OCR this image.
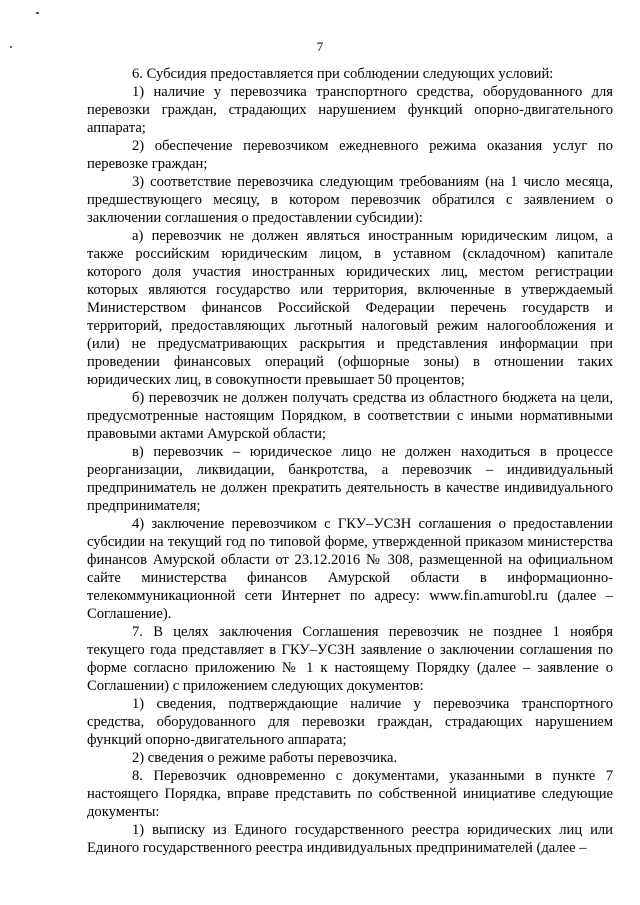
7

6. Субсидия предоставляется при соблюдении следующих условий:

1) наличие у перевозчика транспортного средства, оборудованного для перевозки граждан, страдающих нарушением функций опорно-двигательного аппарата;

2) обеспечение перевозчиком ежедневного режима оказания услуг по перевозке граждан;

3) соответствие перевозчика следующим требованиям (на 1 число месяца, предшествующего месяцу, в котором перевозчик обратился с заявлением о заключении соглашения о предоставлении субсидии):

а) перевозчик не должен являться иностранным юридическим лицом, а также российским юридическим лицом, в уставном (складочном) капитале которого доля участия иностранных юридических лиц, местом регистрации которых являются государство или территория, включенные в утверждаемый Министерством финансов Российской Федерации перечень государств и территорий, предоставляющих льготный налоговый режим налогообложения и (или) не предусматривающих раскрытия и представления информации при проведении финансовых операций (офшорные зоны) в отношении таких юридических лиц, в совокупности превышает 50 процентов;

б) перевозчик не должен получать средства из областного бюджета на цели, предусмотренные настоящим Порядком, в соответствии с иными нормативными правовыми актами Амурской области;

в) перевозчик – юридическое лицо не должен находиться в процессе реорганизации, ликвидации, банкротства, а перевозчик – индивидуальный предприниматель не должен прекратить деятельность в качестве индивидуального предпринимателя;

4) заключение перевозчиком с ГКУ–УСЗН соглашения о предоставлении субсидии на текущий год по типовой форме, утвержденной приказом министерства финансов Амурской области от 23.12.2016 № 308, размещенной на официальном сайте министерства финансов Амурской области в информационно-телекоммуникационной сети Интернет по адресу: www.fin.amurobl.ru (далее – Соглашение).

7. В целях заключения Соглашения перевозчик не позднее 1 ноября текущего года представляет в ГКУ–УСЗН заявление о заключении соглашения по форме согласно приложению № 1 к настоящему Порядку (далее – заявление о Соглашении) с приложением следующих документов:

1) сведения, подтверждающие наличие у перевозчика транспортного средства, оборудованного для перевозки граждан, страдающих нарушением функций опорно-двигательного аппарата;

2) сведения о режиме работы перевозчика.

8. Перевозчик одновременно с документами, указанными в пункте 7 настоящего Порядка, вправе представить по собственной инициативе следующие документы:

1) выписку из Единого государственного реестра юридических лиц или Единого государственного реестра индивидуальных предпринимателей (далее –
